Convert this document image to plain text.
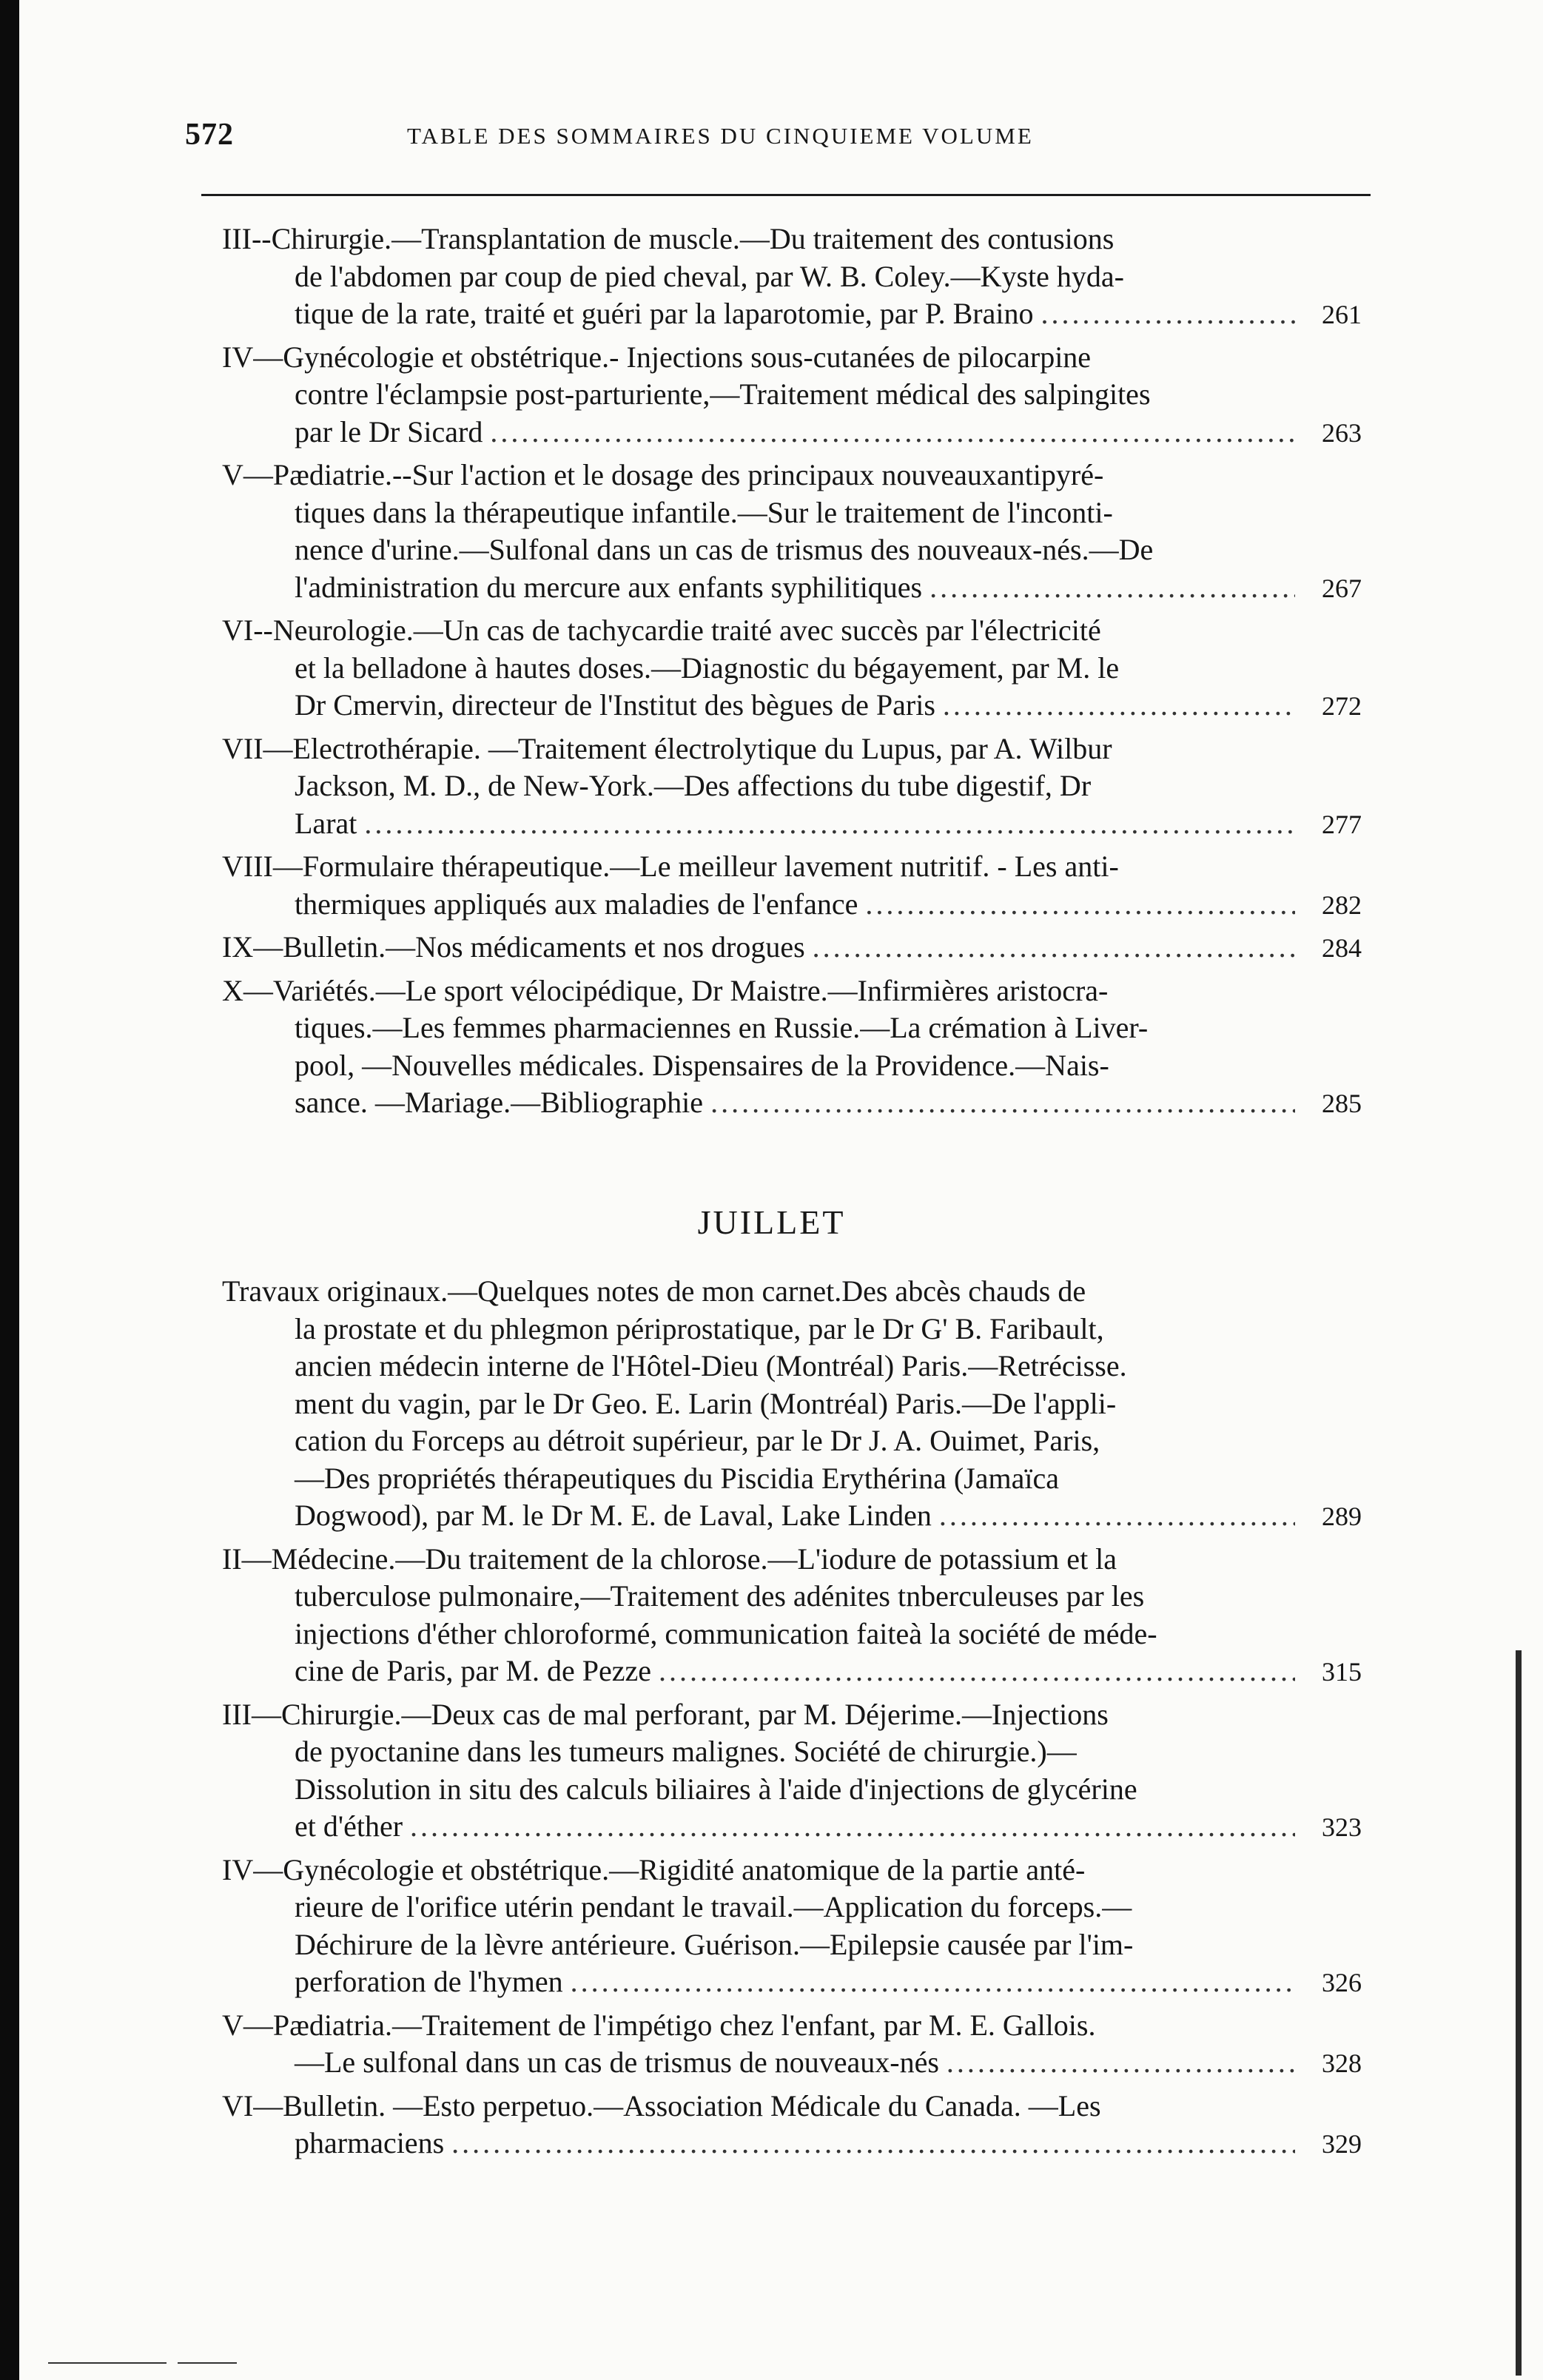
572	TABLE DES SOMMAIRES DU CINQUIEME VOLUME
III--Chirurgie.—Transplantation de muscle.—Du traitement des contusions
de l'abdomen par coup de pied cheval, par W. B. Coley.—Kyste hyda-
tique de la rate, traité et guéri par la laparotomie, par P. Braino .....	261
IV—Gynécologie et obstétrique.- Injections sous-cutanées de pilocarpine
contre l'éclampsie post-parturiente,—Traitement médical des salpingites
par le Dr Sicard .....	263
V—Pædiatrie.--Sur l'action et le dosage des principaux nouveauxantipyré-
tiques dans la thérapeutique infantile.—Sur le traitement de l'inconti-
nence d'urine.—Sulfonal dans un cas de trismus des nouveaux-nés.—De
l'administration du mercure aux enfants syphilitiques .....	267
VI--Neurologie.—Un cas de tachycardie traité avec succès par l'électricité
et la belladone à hautes doses.—Diagnostic du bégayement, par M. le
Dr Cmervin, directeur de l'Institut des bègues de Paris .....	272
VII—Electrothérapie. —Traitement électrolytique du Lupus, par A. Wilbur
Jackson, M. D., de New-York.—Des affections du tube digestif, Dr
Larat .....	277
VIII—Formulaire thérapeutique.—Le meilleur lavement nutritif. - Les anti-
thermiques appliqués aux maladies de l'enfance .....	282
IX—Bulletin.—Nos médicaments et nos drogues .....	284
X—Variétés.—Le sport vélocipédique, Dr Maistre.—Infirmières aristocra-
tiques.—Les femmes pharmaciennes en Russie.—La crémation à Liver-
pool, —Nouvelles médicales. Dispensaires de la Providence.—Nais-
sance. —Mariage.—Bibliographie .....	285
JUILLET
Travaux originaux.—Quelques notes de mon carnet.Des abcès chauds de
la prostate et du phlegmon périprostatique, par le Dr G' B. Faribault,
ancien médecin interne de l'Hôtel-Dieu (Montréal) Paris.—Retrécisse.
ment du vagin, par le Dr Geo. E. Larin (Montréal) Paris.—De l'appli-
cation du Forceps au détroit supérieur, par le Dr J. A. Ouimet, Paris,
—Des propriétés thérapeutiques du Piscidia Erythérina (Jamaïca
Dogwood), par M. le Dr M. E. de Laval, Lake Linden .....	289
II—Médecine.—Du traitement de la chlorose.—L'iodure de potassium et la
tuberculose pulmonaire,—Traitement des adénites tnberculeuses par les
injections d'éther chloroformé, communication faiteà la société de méde-
cine de Paris, par M. de Pezze .....	315
III—Chirurgie.—Deux cas de mal perforant, par M. Déjerime.—Injections
de pyoctanine dans les tumeurs malignes. Société de chirurgie.)—
Dissolution in situ des calculs biliaires à l'aide d'injections de glycérine
et d'éther .....	323
IV—Gynécologie et obstétrique.—Rigidité anatomique de la partie anté-
rieure de l'orifice utérin pendant le travail.—Application du forceps.—
Déchirure de la lèvre antérieure. Guérison.—Epilepsie causée par l'im-
perforation de l'hymen .....	326
V—Pædiatria.—Traitement de l'impétigo chez l'enfant, par M. E. Gallois.
—Le sulfonal dans un cas de trismus de nouveaux-nés .....	328
VI—Bulletin. —Esto perpetuo.—Association Médicale du Canada. —Les
pharmaciens .....	329
